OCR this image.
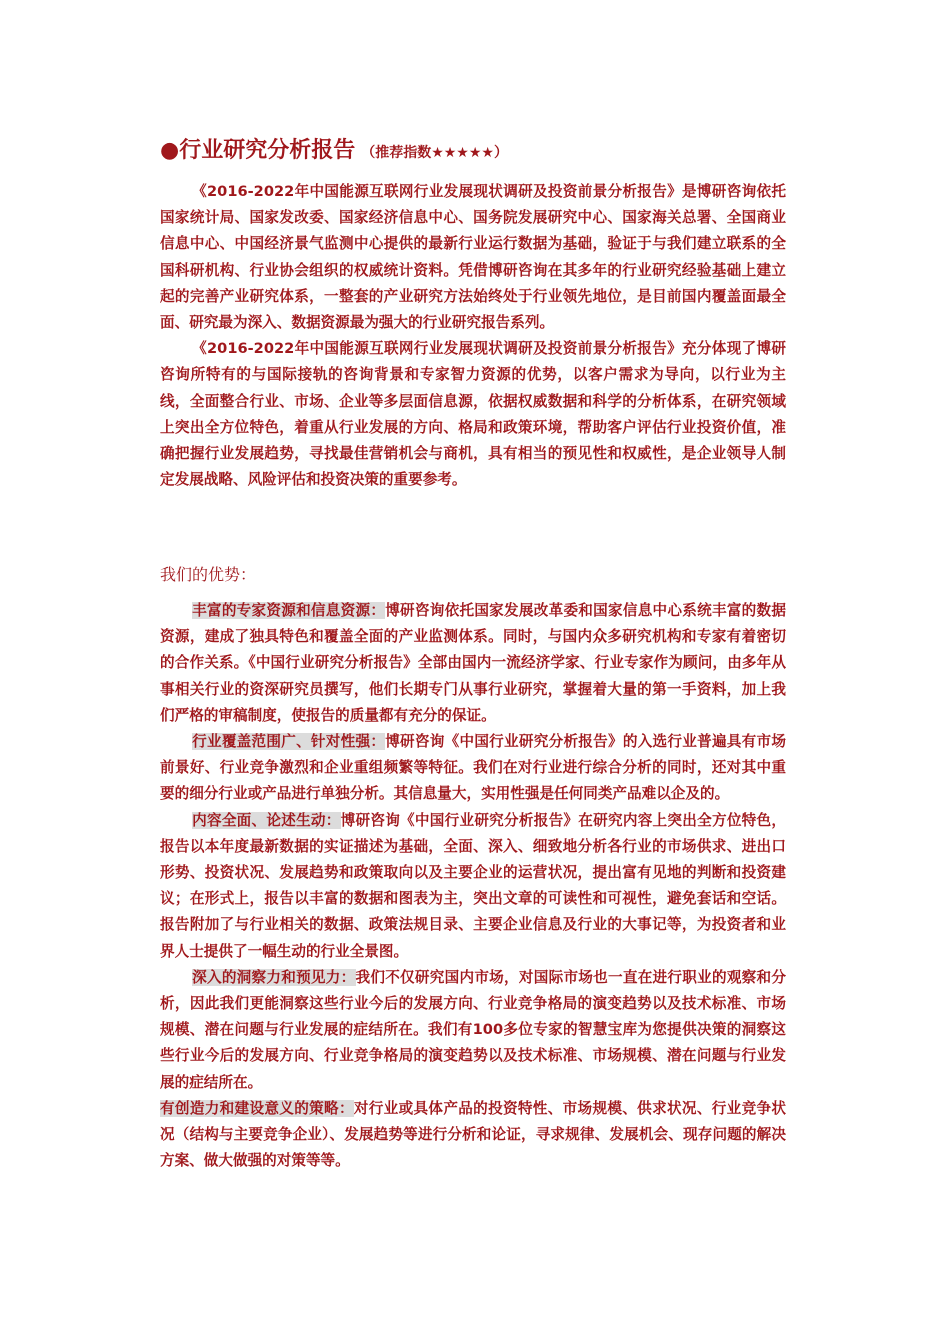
●行业研究分析报告 （推荐指数★★★★★）

《2016-2022年中国能源互联网行业发展现状调研及投资前景分析报告》是博研咨询依托国家统计局、国家发改委、国家经济信息中心、国务院发展研究中心、国家海关总署、全国商业信息中心、中国经济景气监测中心提供的最新行业运行数据为基础，验证于与我们建立联系的全国科研机构、行业协会组织的权威统计资料。凭借博研咨询在其多年的行业研究经验基础上建立起的完善产业研究体系，一整套的产业研究方法始终处于行业领先地位，是目前国内覆盖面最全面、研究最为深入、数据资源最为强大的行业研究报告系列。

《2016-2022年中国能源互联网行业发展现状调研及投资前景分析报告》充分体现了博研咨询所特有的与国际接轨的咨询背景和专家智力资源的优势，以客户需求为导向，以行业为主线，全面整合行业、市场、企业等多层面信息源，依据权威数据和科学的分析体系，在研究领域上突出全方位特色，着重从行业发展的方向、格局和政策环境，帮助客户评估行业投资价值，准确把握行业发展趋势，寻找最佳营销机会与商机，具有相当的预见性和权威性，是企业领导人制定发展战略、风险评估和投资决策的重要参考。

我们的优势：

丰富的专家资源和信息资源：博研咨询依托国家发展改革委和国家信息中心系统丰富的数据资源，建成了独具特色和覆盖全面的产业监测体系。同时，与国内众多研究机构和专家有着密切的合作关系。《中国行业研究分析报告》全部由国内一流经济学家、行业专家作为顾问，由多年从事相关行业的资深研究员撰写，他们长期专门从事行业研究，掌握着大量的第一手资料，加上我们严格的审稿制度，使报告的质量都有充分的保证。

行业覆盖范围广、针对性强：博研咨询《中国行业研究分析报告》的入选行业普遍具有市场前景好、行业竞争激烈和企业重组频繁等特征。我们在对行业进行综合分析的同时，还对其中重要的细分行业或产品进行单独分析。其信息量大，实用性强是任何同类产品难以企及的。

内容全面、论述生动：博研咨询《中国行业研究分析报告》在研究内容上突出全方位特色，报告以本年度最新数据的实证描述为基础，全面、深入、细致地分析各行业的市场供求、进出口形势、投资状况、发展趋势和政策取向以及主要企业的运营状况，提出富有见地的判断和投资建议；在形式上，报告以丰富的数据和图表为主，突出文章的可读性和可视性，避免套话和空话。报告附加了与行业相关的数据、政策法规目录、主要企业信息及行业的大事记等，为投资者和业界人士提供了一幅生动的行业全景图。

深入的洞察力和预见力：我们不仅研究国内市场，对国际市场也一直在进行职业的观察和分析，因此我们更能洞察这些行业今后的发展方向、行业竞争格局的演变趋势以及技术标准、市场规模、潜在问题与行业发展的症结所在。我们有100多位专家的智慧宝库为您提供决策的洞察这些行业今后的发展方向、行业竞争格局的演变趋势以及技术标准、市场规模、潜在问题与行业发展的症结所在。

有创造力和建设意义的策略：对行业或具体产品的投资特性、市场规模、供求状况、行业竞争状况（结构与主要竞争企业）、发展趋势等进行分析和论证，寻求规律、发展机会、现存问题的解决方案、做大做强的对策等等。
